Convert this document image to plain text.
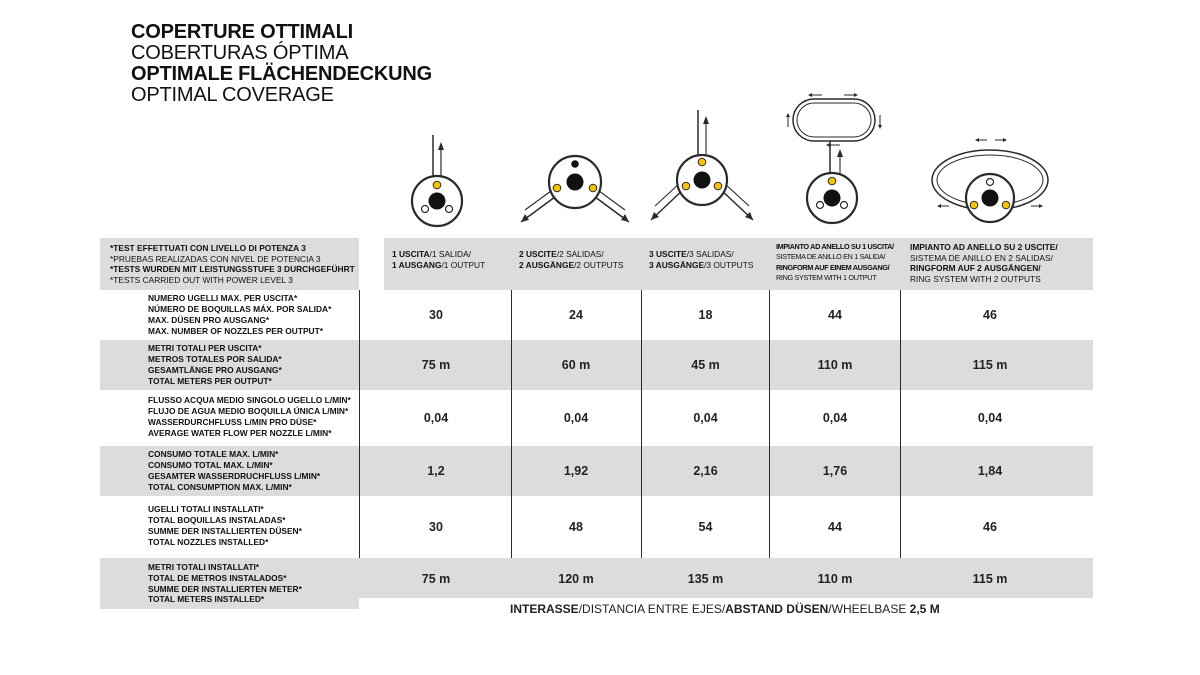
COPERTURE OTTIMALI
COBERTURAS ÓPTIMA
OPTIMALE FLÄCHENDECKUNG
OPTIMAL COVERAGE
*TEST EFFETTUATI CON LIVELLO DI POTENZA 3
*PRUEBAS REALIZADAS CON NIVEL DE POTENCIA 3
*TESTS WURDEN MIT LEISTUNGSSTUFE 3 DURCHGEFÜHRT
*TESTS CARRIED OUT WITH POWER LEVEL 3
1 USCITA/1 SALIDA/
1 AUSGANG/1 OUTPUT
2 USCITE/2 SALIDAS/
2 AUSGÄNGE/2 OUTPUTS
3 USCITE/3 SALIDAS/
3 AUSGÄNGE/3 OUTPUTS
IMPIANTO AD ANELLO SU 1 USCITA/
SISTEMA DE ANILLO EN 1 SALIDA/
RINGFORM AUF EINEM AUSGANG/
RING SYSTEM WITH 1 OUTPUT
IMPIANTO AD ANELLO SU 2 USCITE/
SISTEMA DE ANILLO EN 2 SALIDAS/
RINGFORM AUF 2 AUSGÄNGEN/
RING SYSTEM WITH 2 OUTPUTS
NUMERO UGELLI MAX. PER USCITA*
NÚMERO DE BOQUILLAS MÁX. POR SALIDA*
MAX. DÜSEN PRO AUSGANG*
MAX. NUMBER OF NOZZLES PER OUTPUT*
30	24	18	44	46
METRI TOTALI PER USCITA*
METROS TOTALES POR SALIDA*
GESAMTLÄNGE PRO AUSGANG*
TOTAL METERS PER OUTPUT*
75 m	60 m	45 m	110 m	115 m
FLUSSO ACQUA MEDIO SINGOLO UGELLO L/MIN*
FLUJO DE AGUA MEDIO BOQUILLA ÚNICA L/MIN*
WASSERDURCHFLUSS L/MIN PRO DÜSE*
AVERAGE WATER FLOW PER NOZZLE L/MIN*
0,04	0,04	0,04	0,04	0,04
CONSUMO TOTALE MAX. L/MIN*
CONSUMO TOTAL MAX. L/MIN*
GESAMTER WASSERDRUCHFLUSS L/MIN*
TOTAL CONSUMPTION MAX. L/MIN*
1,2	1,92	2,16	1,76	1,84
UGELLI TOTALI INSTALLATI*
TOTAL BOQUILLAS INSTALADAS*
SUMME DER INSTALLIERTEN DÜSEN*
TOTAL NOZZLES INSTALLED*
30	48	54	44	46
METRI TOTALI INSTALLATI*
TOTAL DE METROS INSTALADOS*
SUMME DER INSTALLIERTEN METER*
TOTAL METERS INSTALLED*
75 m	120 m	135 m	110 m	115 m
INTERASSE/DISTANCIA ENTRE EJES/ABSTAND DÜSEN/WHEELBASE 2,5 M
